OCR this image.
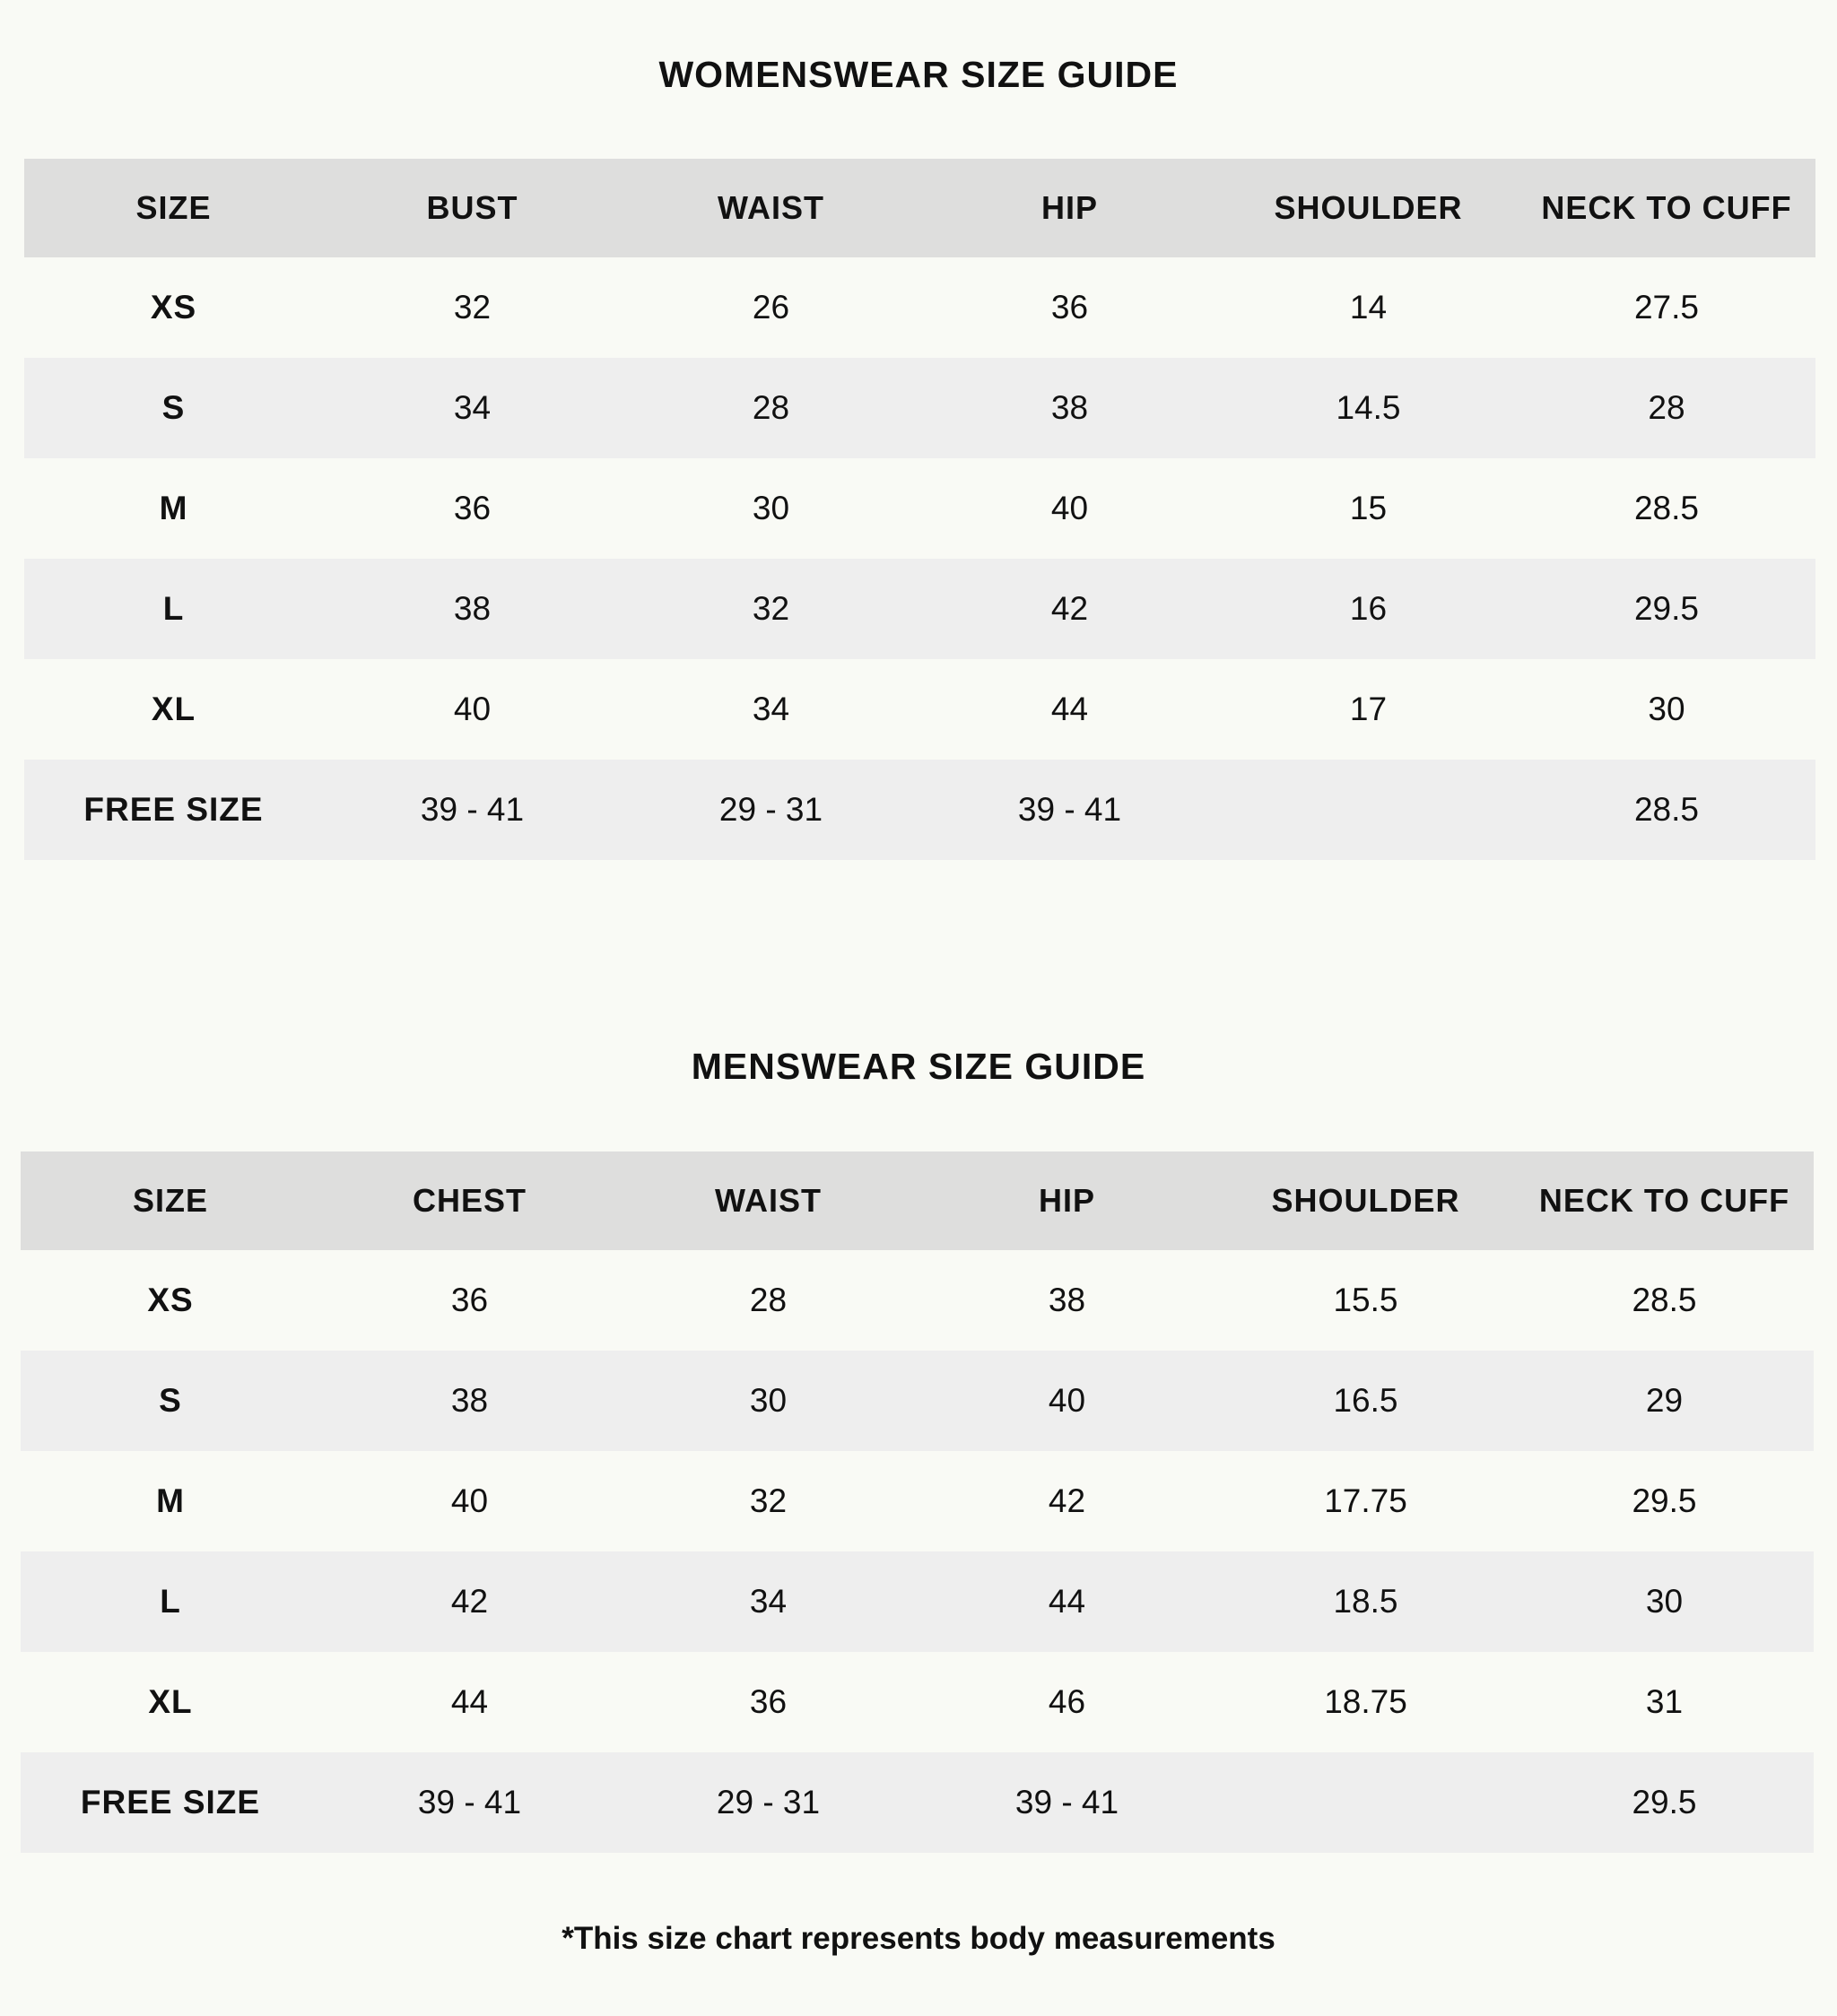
WOMENSWEAR SIZE GUIDE
SIZE	BUST	WAIST	HIP	SHOULDER	NECK TO CUFF
XS	32	26	36	14	27.5
S	34	28	38	14.5	28
M	36	30	40	15	28.5
L	38	32	42	16	29.5
XL	40	34	44	17	30
FREE SIZE	39 - 41	29 - 31	39 - 41		28.5
MENSWEAR SIZE GUIDE
SIZE	CHEST	WAIST	HIP	SHOULDER	NECK TO CUFF
XS	36	28	38	15.5	28.5
S	38	30	40	16.5	29
M	40	32	42	17.75	29.5
L	42	34	44	18.5	30
XL	44	36	46	18.75	31
FREE SIZE	39 - 41	29 - 31	39 - 41		29.5
*This size chart represents body measurements
